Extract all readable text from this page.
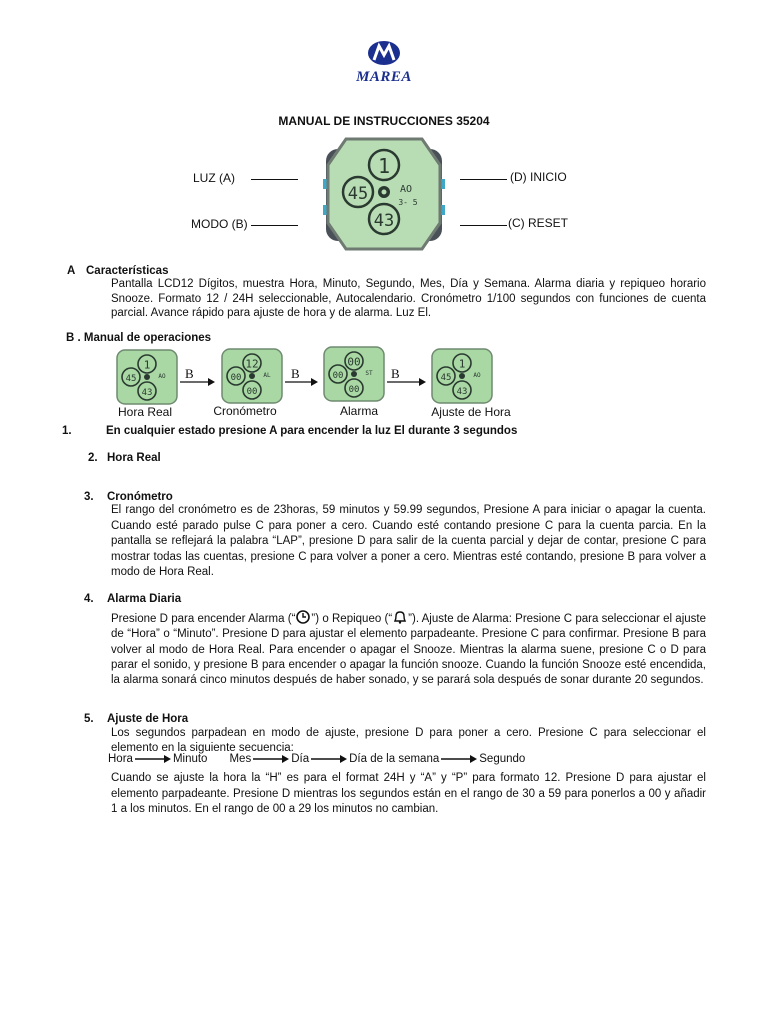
MAREA
MANUAL DE INSTRUCCIONES 35204
LUZ (A)
MODO (B)
(D) INICIO
(C) RESET
1
45	AO
3- 5
43
A Características
Pantalla LCD12 Dígitos, muestra Hora, Minuto, Segundo, Mes, Día y Semana. Alarma diaria y repiqueo horario Snooze. Formato 12 / 24H seleccionable, Autocalendario. Cronómetro 1/100 segundos con funciones de cuenta parcial. Avance rápido para ajuste de hora y de alarma. Luz El.
B . Manual de operaciones
1
45	AO
43
12
00	AL
00
00
00	ST
00
1
45	AO
43
B	B	B
Hora Real	Cronómetro	Alarma	Ajuste de Hora
1.	En cualquier estado presione A para encender la luz El durante 3 segundos
2. Hora Real
3. Cronómetro
El rango del cronómetro es de 23horas, 59 minutos y 59.99 segundos, Presione A para iniciar o apagar la cuenta. Cuando esté parado pulse C para poner a cero. Cuando esté contando presione C para la cuenta parcia. En la pantalla se reflejará la palabra “LAP”, presione D para salir de la cuenta parcial y dejar de contar, presione C para mostrar todas las cuentas, presione C para volver a poner a cero. Mientras esté contando, presione B para volver a modo de Hora Real.
4. Alarma Diaria
Presione D para encender Alarma (“ ”) o Repiqueo (“ ”). Ajuste de Alarma: Presione C para seleccionar el ajuste de “Hora” o “Minuto”. Presione D para ajustar el elemento parpadeante. Presione C para confirmar. Presione B para volver al modo de Hora Real. Para encender o apagar el Snooze. Mientras la alarma suene, presione C o D para parar el sonido, y presione B para encender o apagar la función snooze. Cuando la función Snooze esté encendida, la alarma sonará cinco minutos después de haber sonado, y se parará sola después de sonar durante 20 segundos.
5. Ajuste de Hora
Los segundos parpadean en modo de ajuste, presione D para poner a cero. Presione C para seleccionar el elemento en la siguiente secuencia:
Hora	Minuto Mes	Día	Día de la semana	Segundo
Cuando se ajuste la hora la “H” es para el format 24H y “A” y “P” para formato 12. Presione D para ajustar el elemento parpadeante. Presione D mientras los segundos están en el rango de 30 a 59 para ponerlos a 00 y añadir 1 a los minutos. En el rango de 00 a 29 los minutos no cambian.
